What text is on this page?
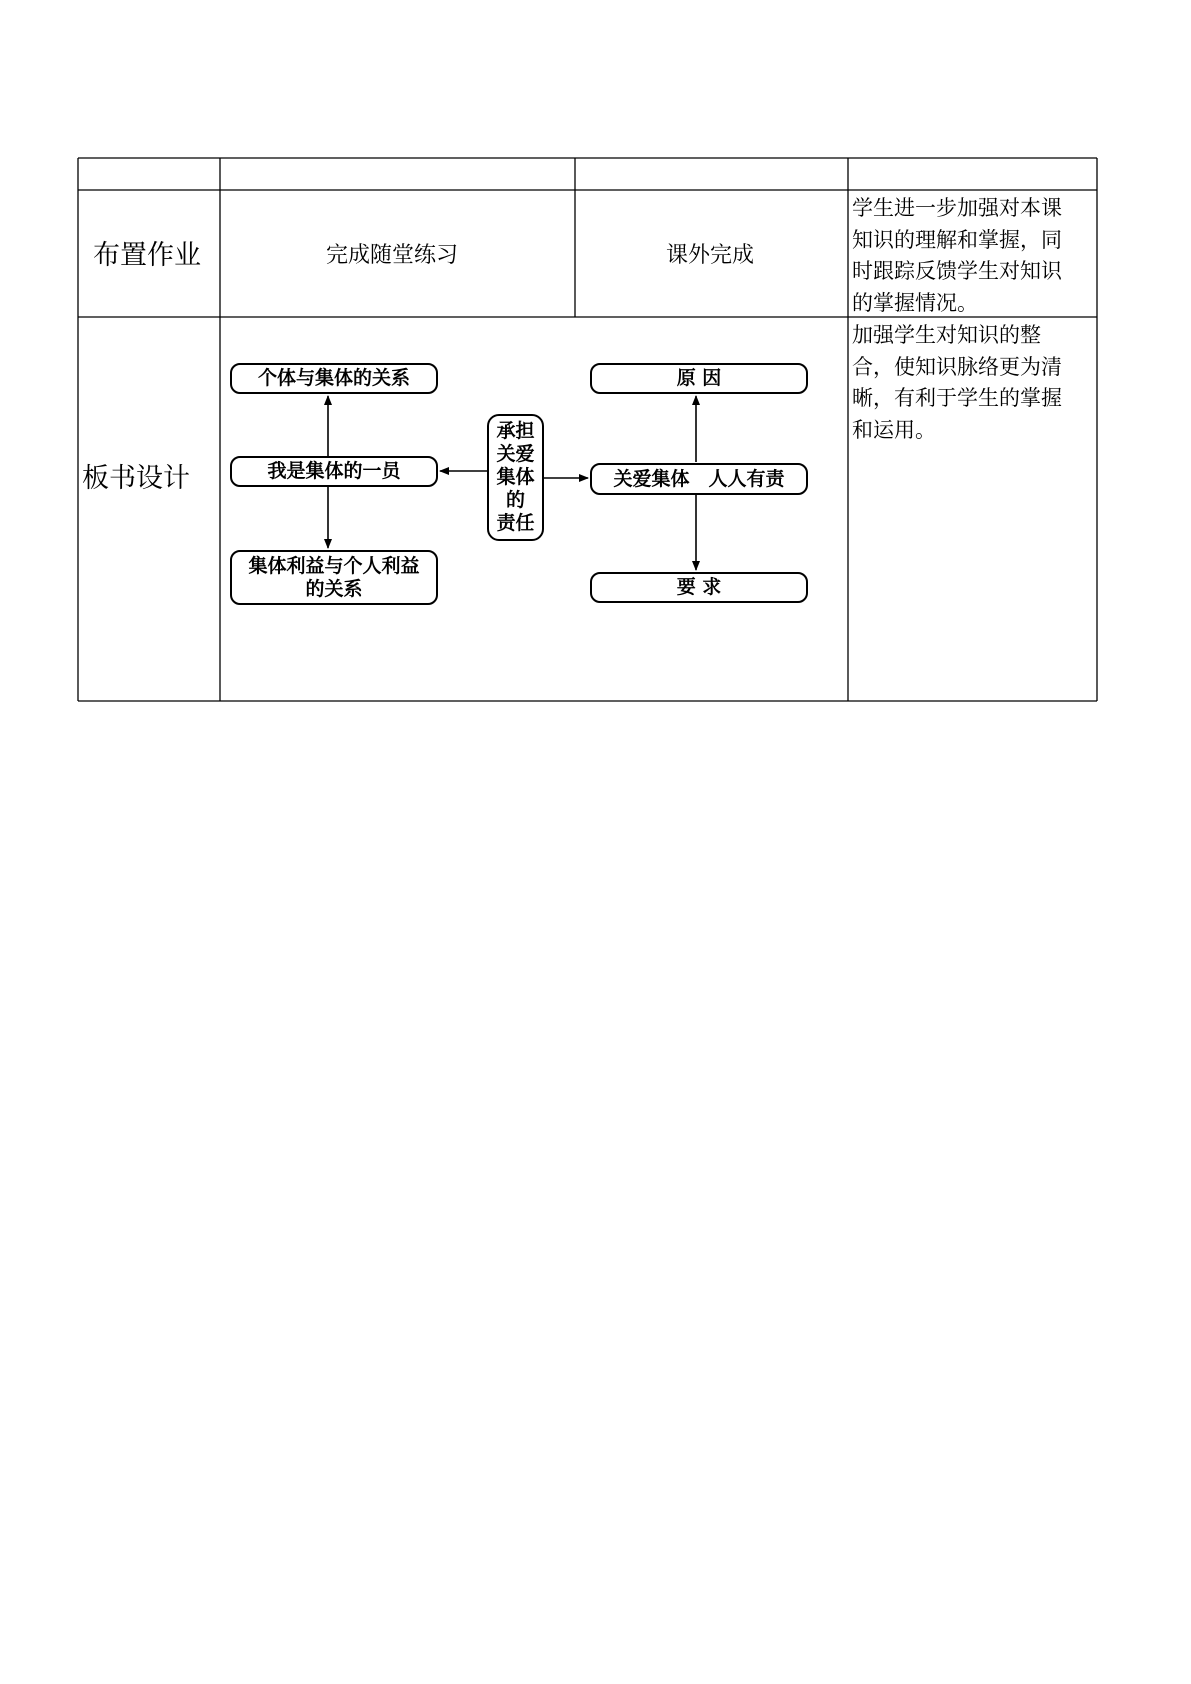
布置作业	完成随堂练习	课外完成
学生进一步加强对本课
知识的理解和掌握，同
时跟踪反馈学生对知识
的掌握情况。
板书设计
加强学生对知识的整
合，使知识脉络更为清
晰，有利于学生的掌握
和运用。
个体与集体的关系
我是集体的一员
集体利益与个人利益
的关系
承担
关爱
集体
的
责任
原 因
关爱集体　人人有责
要 求
